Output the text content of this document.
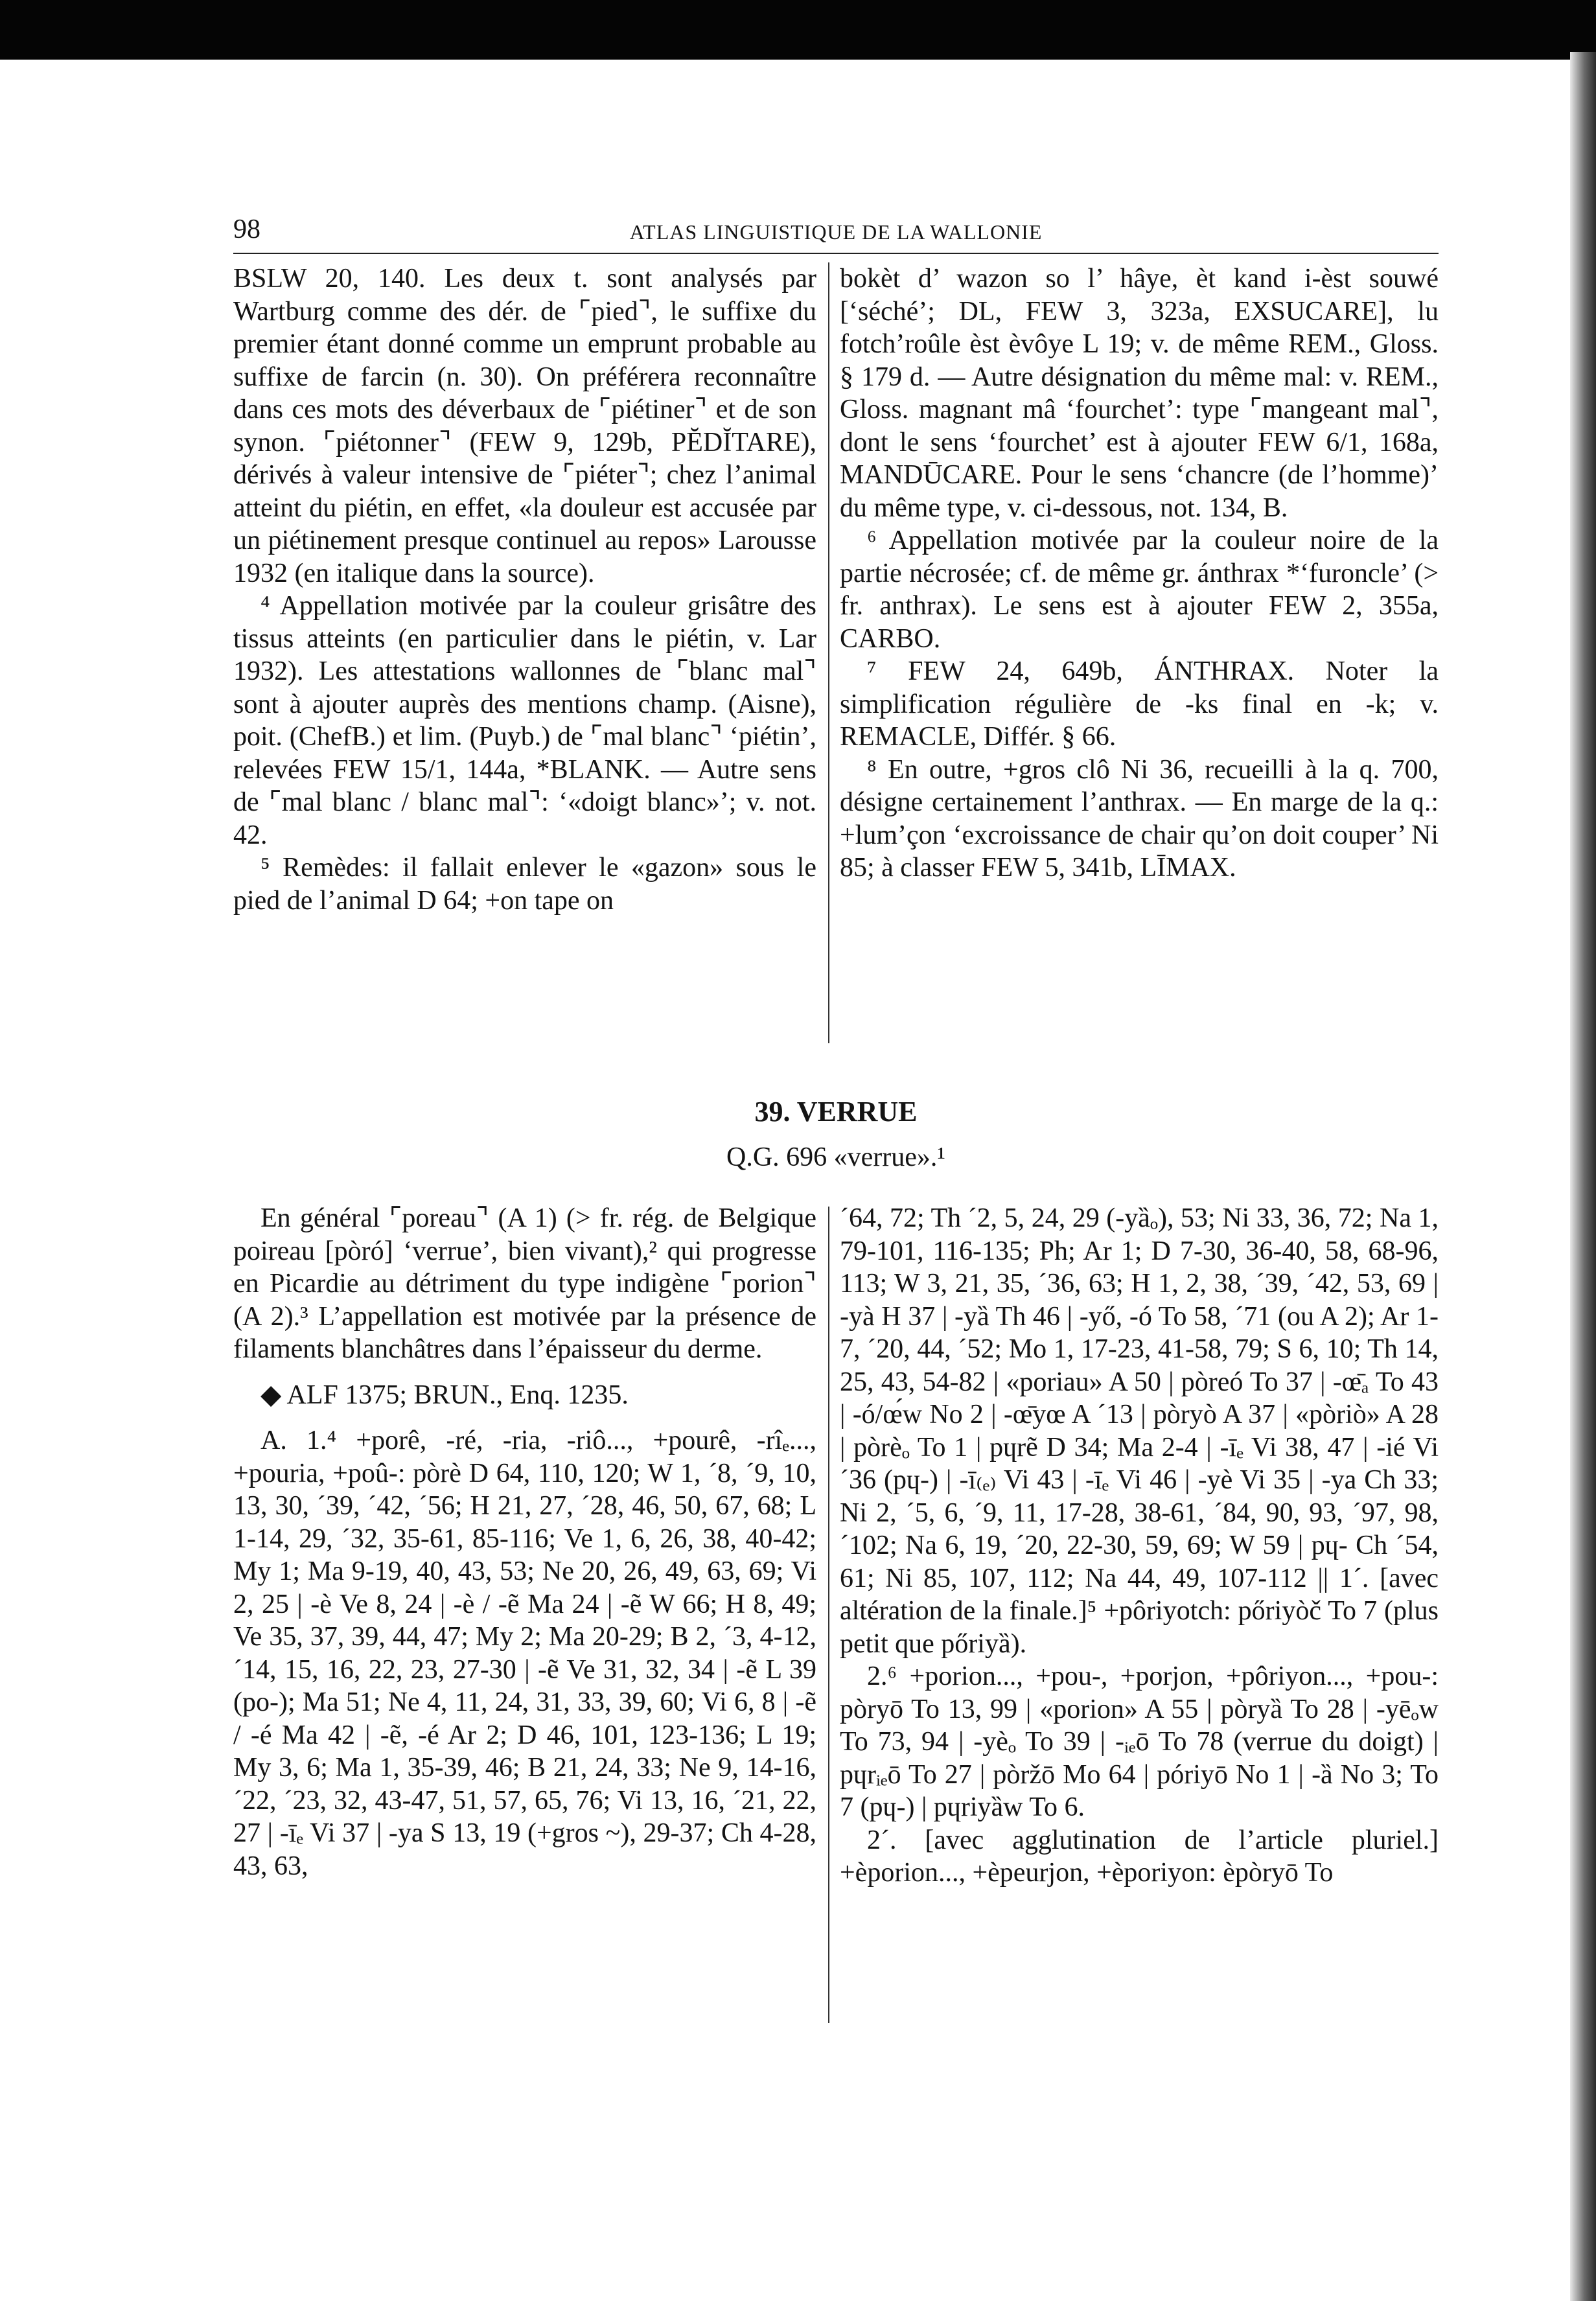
98	ATLAS LINGUISTIQUE DE LA WALLONIE

BSLW 20, 140. Les deux t. sont analysés par Wartburg comme des dér. de ⌜pied⌝, le suffixe du premier étant donné comme un emprunt probable au suffixe de farcin (n. 30). On préférera reconnaître dans ces mots des déverbaux de ⌜piétiner⌝ et de son synon. ⌜piétonner⌝ (FEW 9, 129b, PĔDĬTARE), dérivés à valeur intensive de ⌜piéter⌝; chez l’animal atteint du piétin, en effet, «la douleur est accusée par un piétinement presque continuel au repos» Larousse 1932 (en italique dans la source).

⁴ Appellation motivée par la couleur grisâtre des tissus atteints (en particulier dans le piétin, v. Lar 1932). Les attestations wallonnes de ⌜blanc mal⌝ sont à ajouter auprès des mentions champ. (Aisne), poit. (ChefB.) et lim. (Puyb.) de ⌜mal blanc⌝ ‘piétin’, relevées FEW 15/1, 144a, *BLANK. — Autre sens de ⌜mal blanc / blanc mal⌝: ‘«doigt blanc»’; v. not. 42.

⁵ Remèdes: il fallait enlever le «gazon» sous le pied de l’animal D 64; +on tape on

bokèt d’ wazon so l’ hâye, èt kand i-èst souwé [‘séché’; DL, FEW 3, 323a, EXSUCARE], lu fotch’roûle èst èvôye L 19; v. de même REM., Gloss. § 179 d. — Autre désignation du même mal: v. REM., Gloss. magnant mâ ‘fourchet’: type ⌜mangeant mal⌝, dont le sens ‘fourchet’ est à ajouter FEW 6/1, 168a, MANDŪCARE. Pour le sens ‘chancre (de l’homme)’ du même type, v. ci-dessous, not. 134, B.

⁶ Appellation motivée par la couleur noire de la partie nécrosée; cf. de même gr. ánthrax *‘furoncle’ (> fr. anthrax). Le sens est à ajouter FEW 2, 355a, CARBO.

⁷ FEW 24, 649b, ÁNTHRAX. Noter la simplification régulière de -ks final en -k; v. REMACLE, Différ. § 66.

⁸ En outre, +gros clô Ni 36, recueilli à la q. 700, désigne certainement l’anthrax. — En marge de la q.: +lum’çon ‘excroissance de chair qu’on doit couper’ Ni 85; à classer FEW 5, 341b, LĪMAX.

39. VERRUE
Q.G. 696 «verrue».¹

En général ⌜poreau⌝ (A 1) (> fr. rég. de Belgique poireau [pòró] ‘verrue’, bien vivant),² qui progresse en Picardie au détriment du type indigène ⌜porion⌝ (A 2).³ L’appellation est motivée par la présence de filaments blanchâtres dans l’épaisseur du derme.

◆ ALF 1375; BRUN., Enq. 1235.

A. 1.⁴ +porê, -ré, -ria, -riô..., +pourê, -rîₑ..., +pouria, +poû-: pòrè D 64, 110, 120; W 1, ´8, ´9, 10, 13, 30, ´39, ´42, ´56; H 21, 27, ´28, 46, 50, 67, 68; L 1-14, 29, ´32, 35-61, 85-116; Ve 1, 6, 26, 38, 40-42; My 1; Ma 9-19, 40, 43, 53; Ne 20, 26, 49, 63, 69; Vi 2, 25 | -è Ve 8, 24 | -è / -ẽ Ma 24 | -ẽ W 66; H 8, 49; Ve 35, 37, 39, 44, 47; My 2; Ma 20-29; B 2, ´3, 4-12, ´14, 15, 16, 22, 23, 27-30 | -ẽ Ve 31, 32, 34 | -ẽ L 39 (po-); Ma 51; Ne 4, 11, 24, 31, 33, 39, 60; Vi 6, 8 | -ẽ / -é Ma 42 | -ẽ, -é Ar 2; D 46, 101, 123-136; L 19; My 3, 6; Ma 1, 35-39, 46; B 21, 24, 33; Ne 9, 14-16, ´22, ´23, 32, 43-47, 51, 57, 65, 76; Vi 13, 16, ´21, 22, 27 | -īₑ Vi 37 | -ya S 13, 19 (+gros ~), 29-37; Ch 4-28, 43, 63,

´64, 72; Th ´2, 5, 24, 29 (-yȁₒ), 53; Ni 33, 36, 72; Na 1, 79-101, 116-135; Ph; Ar 1; D 7-30, 36-40, 58, 68-96, 113; W 3, 21, 35, ´36, 63; H 1, 2, 38, ´39, ´42, 53, 69 | -yà H 37 | -yȁ Th 46 | -yő, -ó To 58, ´71 (ou A 2); Ar 1-7, ´20, 44, ´52; Mo 1, 17-23, 41-58, 79; S 6, 10; Th 14, 25, 43, 54-82 | «poriau» A 50 | pòreó To 37 | -œ̄ₐ To 43 | -ó/œ́w No 2 | -œ̄yœ A ´13 | pòryò A 37 | «pòriò» A 28 | pòrèₒ To 1 | pɥrẽ D 34; Ma 2-4 | -īₑ Vi 38, 47 | -ié Vi ´36 (pɥ-) | -ī₍ₑ₎ Vi 43 | -īₑ Vi 46 | -yè Vi 35 | -ya Ch 33; Ni 2, ´5, 6, ´9, 11, 17-28, 38-61, ´84, 90, 93, ´97, 98, ´102; Na 6, 19, ´20, 22-30, 59, 69; W 59 | pɥ- Ch ´54, 61; Ni 85, 107, 112; Na 44, 49, 107-112 || 1´. [avec altération de la finale.]⁵ +pôriyotch: pőriyòč To 7 (plus petit que pőriyȁ).

2.⁶ +porion..., +pou-, +porjon, +pôriyon..., +pou-: pòryō To 13, 99 | «porion» A 55 | pòryȁ To 28 | -yēₒw To 73, 94 | -yèₒ To 39 | -ᵢₑō To 78 (verrue du doigt) | pɥrᵢₑō To 27 | pòržō Mo 64 | póriyō No 1 | -ȁ No 3; To 7 (pɥ-) | pɥriyȁw To 6.

2´. [avec agglutination de l’article pluriel.] +èporion..., +èpeurjon, +èporiyon: èpòryō To
